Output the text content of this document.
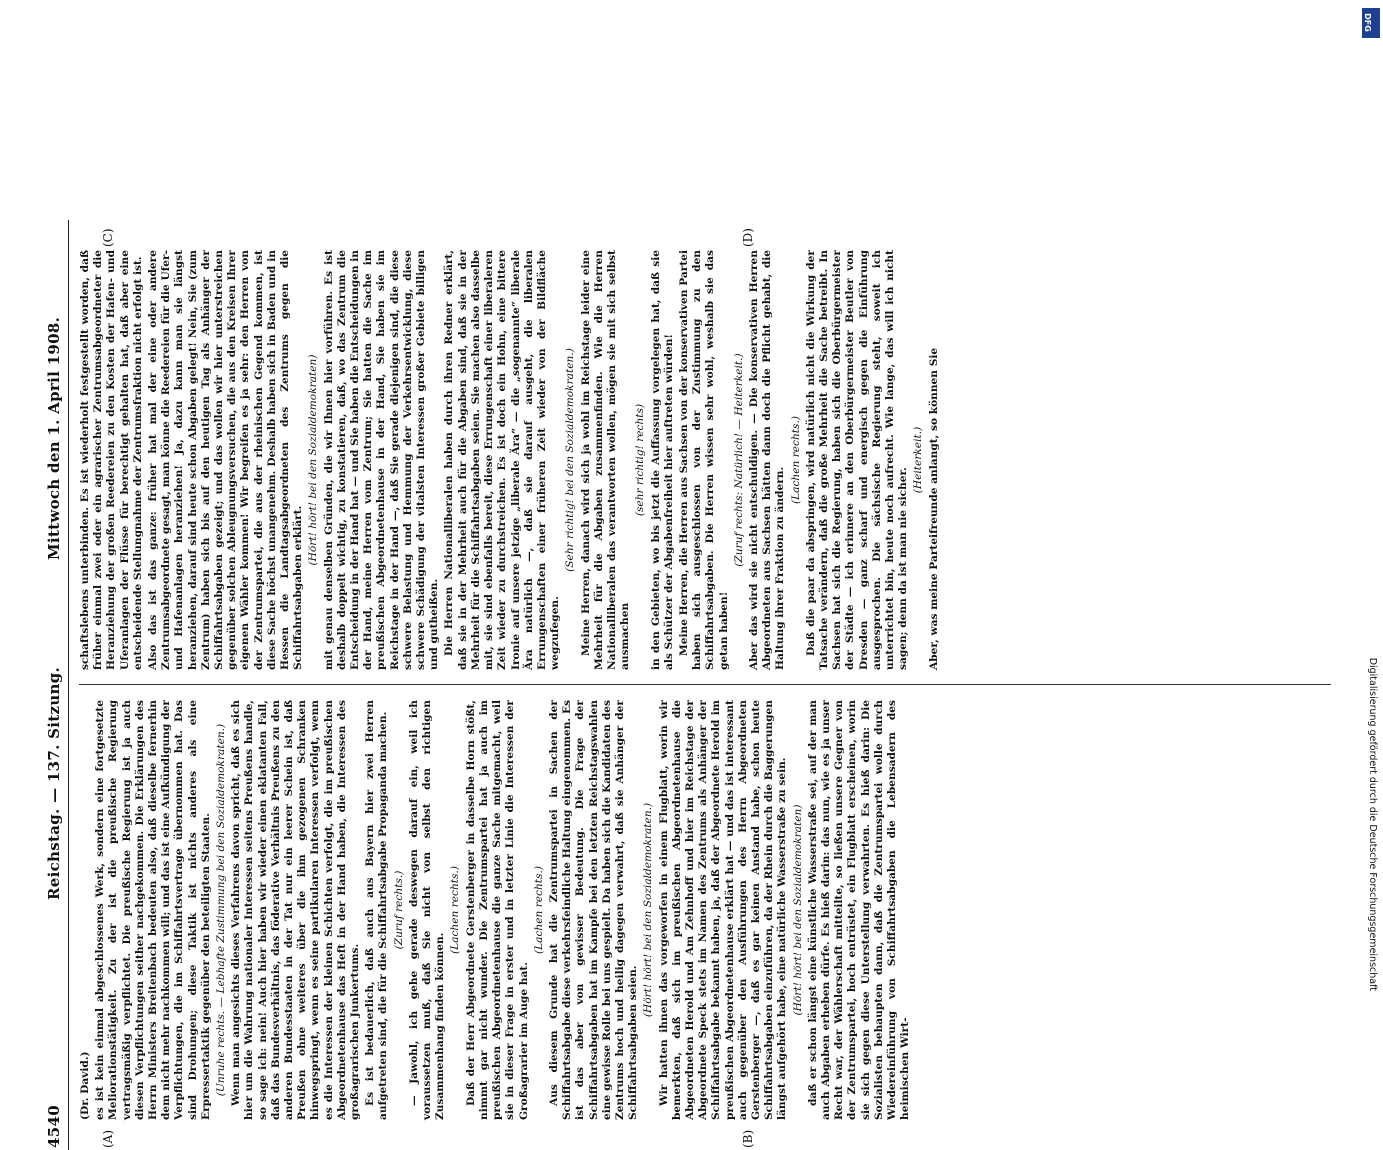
4540
Reichstag. — 137. Sitzung.
Mittwoch den 1. April 1908.
(A)	(B)
(C)	(D)

(Dr. David.) es ist kein einmal abgeschlossenes Werk, sondern eine fortgesetzte Meliorationstätigkeit. Zu der ist die preußische Regierung vertragsmäßig verpflichtet. Die preußische Regierung ist ja auch diesen Verpflichtungen seither nachgekommen. Die Erklärungen des Herrn Ministers Breitenbach bedeuten also, daß dieselbe fernerhin dem nicht mehr nachkommen will; und das ist eine Aufkündigung der Verpflichtungen, die im Schiffahrtsvertrage übernommen hat. Das sind Drohungen; diese Taktik ist nichts anderes als eine Erpressertaktik gegenüber den beteiligten Staaten. (Unruhe rechts. — Lebhafte Zustimmung bei den Sozialdemokraten.) Wenn man angesichts dieses Verfahrens davon spricht, daß es sich hier um die Wahrung nationaler Interessen seitens Preußens handle, so sage ich: nein! Auch hier haben wir wieder einen eklatanten Fall, daß das Bundesverhältnis, das föderative Verhältnis Preußens zu den anderen Bundesstaaten in der Tat nur ein leerer Schein ist, daß Preußen ohne weiteres über die ihm gezogenen Schranken hinwegspringt, wenn es seine partikularen Interessen verfolgt, wenn es die Interessen der kleinen Schichten verfolgt, die im preußischen Abgeordnetenhause das Heft in der Hand haben, die Interessen des großagrarischen Junkertums. Es ist bedauerlich, daß auch aus Bayern hier zwei Herren aufgetreten sind, die für die Schiffahrtsabgabe Propaganda machen. (Zuruf rechts.) — Jawohl, ich gehe gerade deswegen darauf ein, weil ich voraussetzen muß, daß Sie nicht von selbst den richtigen Zusammenhang finden können.

(Lachen rechts.) Daß der Herr Abgeordnete Gerstenberger in dasselbe Horn stößt, nimmt gar nicht wunder. Die Zentrumspartei hat ja auch im preußischen Abgeordnetenhause die ganze Sache mitgemacht, weil sie in dieser Frage in erster und in letzter Linie die Interessen der Großagrarier im Auge hat.

(Lachen rechts.) Aus diesem Grunde hat die Zentrumspartei in Sachen der Schiffahrtsabgabe diese verkehrsfeindliche Haltung eingenommen. Es ist das aber von gewisser Bedeutung. Die Frage der Schiffahrtsabgaben hat im Kampfe bei den letzten Reichstagswahlen eine gewisse Rolle bei uns gespielt. Da haben sich die Kandidaten des Zentrums hoch und heilig dagegen verwahrt, daß sie Anhänger der Schiffahrtsabgaben seien.

(Hört! hört! bei den Sozialdemokraten.) Wir hatten ihnen das vorgeworfen in einem Flugblatt, worin wir bemerkten, daß sich im preußischen Abgeordnetenhause die Abgeordneten Herold und Am Zehnhoff und hier im Reichstage der Abgeordnete Speck stets im Namen des Zentrums als Anhänger der Schiffahrtsabgabe bekannt haben, ja, daß der Abgeordnete Herold im preußischen Abgeordnetenhause erklärt hat — und das ist interessant auch gegenüber den Ausführungen des Herrn Abgeordneten Gerstenberger —, daß es gar keinen Anstand habe, schon heute Schiffahrtsabgaben einzuführen, da der Rhein durch die Baggerungen längst aufgehört habe, eine natürliche Wasserstraße zu sein. (Hört! hört! bei den Sozialdemokraten) daß er schon längst eine künstliche Wasserstraße sei, auf der man auch Abgaben erheben dürfe. Es hieß darin: das nun, wie es ja unser Recht war, der Wählerschaft mitteilte, so ließen unsere Gegner von der Zentrumspartei, hoch entrüstet, ein Flugblatt erscheinen, worin sie sich gegen diese Unterstellung verwahrten. Es hieß darin: Die Sozialisten behaupten dann, daß die Zentrumspartei wolle durch Wiedereinführung von Schiffahrtsabgaben die Lebensadern des heimischen Wirt-

schaftslebens unterbinden. Es ist wiederholt festgestellt worden, daß früher einmal zwei oder ein agrarischer Zentrumsabgeordneter die Heranziehung der großen Reedereien zu den Kosten der Hafen- und Uferanlagen der Flüsse für berechtigt gehalten hat, daß aber eine entscheidende Stellungnahme der Zentrumsfraktion nicht erfolgt ist. Also das ist das ganze: früher hat mal der eine oder andere Zentrumsabgeordnete gesagt, man könne die Reedereien für die Ufer- und Hafenanlagen heranziehen! Ja, dazu kann man sie längst heranziehen, darauf sind heute schon Abgaben gelegt! Nein, Sie (zum Zentrum) haben sich bis auf den heutigen Tag als Anhänger der Schiffahrtsabgaben gezeigt; und das wollen wir hier unterstreichen gegenüber solchen Ableugnungsversuchen, die aus den Kreisen Ihrer eigenen Wähler kommen! Wir begreifen es ja sehr: den Herren von der Zentrumspartei, die aus der rheinischen Gegend kommen, ist diese Sache höchst unangenehm. Deshalb haben sich in Baden und in Hessen die Landtagsabgeordneten des Zentrums gegen die Schiffahrtsabgaben erklärt.

(Hört! hört! bei den Sozialdemokraten) mit genau denselben Gründen, die wir Ihnen hier vorführen. Es ist deshalb doppelt wichtig, zu konstatieren, daß, wo das Zentrum die Entscheidung in der Hand hat — und Sie haben die Entscheidungen in der Hand, meine Herren vom Zentrum; Sie hatten die Sache im preußischen Abgeordnetenhause in der Hand, Sie haben sie im Reichstage in der Hand —, daß Sie gerade diejenigen sind, die diese schwere Belastung und Hemmung der Verkehrsentwicklung, diese schwere Schädigung der vitalsten Interessen großer Gebiete billigen und gutheißen. Die Herren Nationalliberalen haben durch ihren Redner erklärt, daß sie in der Mehrheit auch für die Abgaben sind, daß sie in der Mehrheit für die Schiffahrtsabgaben seien. Sie machen also dasselbe mit, sie sind ebenfalls bereit, diese Errungenschaft einer liberaleren Zeit wieder zu durchstreichen. Es ist doch ein Hohn, eine bittere Ironie auf unsere jetzige „liberale Ära“ — die „sogenannte“ liberale Ära natürlich —, daß sie darauf ausgeht, die liberalen Errungenschaften einer früheren Zeit wieder von der Bildfläche wegzufegen.

(Sehr richtig! bei den Sozialdemokraten.) Meine Herren, danach wird sich ja wohl im Reichstage leider eine Mehrheit für die Abgaben zusammenfinden. Wie die Herren Nationalliberalen das verantworten wollen, mögen sie mit sich selbst ausmachen

(sehr richtig! rechts) in den Gebieten, wo bis jetzt die Auffassung vorgelegen hat, daß sie als Schützer der Abgabenfreiheit hier auftreten würden! Meine Herren, die Herren aus Sachsen von der konservativen Partei haben sich ausgeschlossen von der Zustimmung zu den Schiffahrtsabgaben. Die Herren wissen sehr wohl, weshalb sie das getan haben!

(Zuruf rechts: Natürlich! — Heiterkeit.) Aber das wird sie nicht entschuldigen. — Die konservativen Herren Abgeordneten aus Sachsen hätten dann doch die Pflicht gehabt, die Haltung ihrer Fraktion zu ändern.

(Lachen rechts.) Daß die paar da abspringen, wird natürlich nicht die Wirkung der Tatsache verändern, daß die große Mehrheit die Sache betreibt. In Sachsen hat sich die Regierung, haben sich die Oberbürgermeister der Städte — ich erinnere an den Oberbürgermeister Beutler von Dresden — ganz scharf und energisch gegen die Einführung ausgesprochen. Die sächsische Regierung steht, soweit ich unterrichtet bin, heute noch aufrecht. Wie lange, das will ich nicht sagen; denn da ist man nie sicher.

(Heiterkeit.) Aber, was meine Parteifreunde anlangt, so können Sie

DFG
Digitalisierung gefördert durch die Deutsche Forschungsgemeinschaft
